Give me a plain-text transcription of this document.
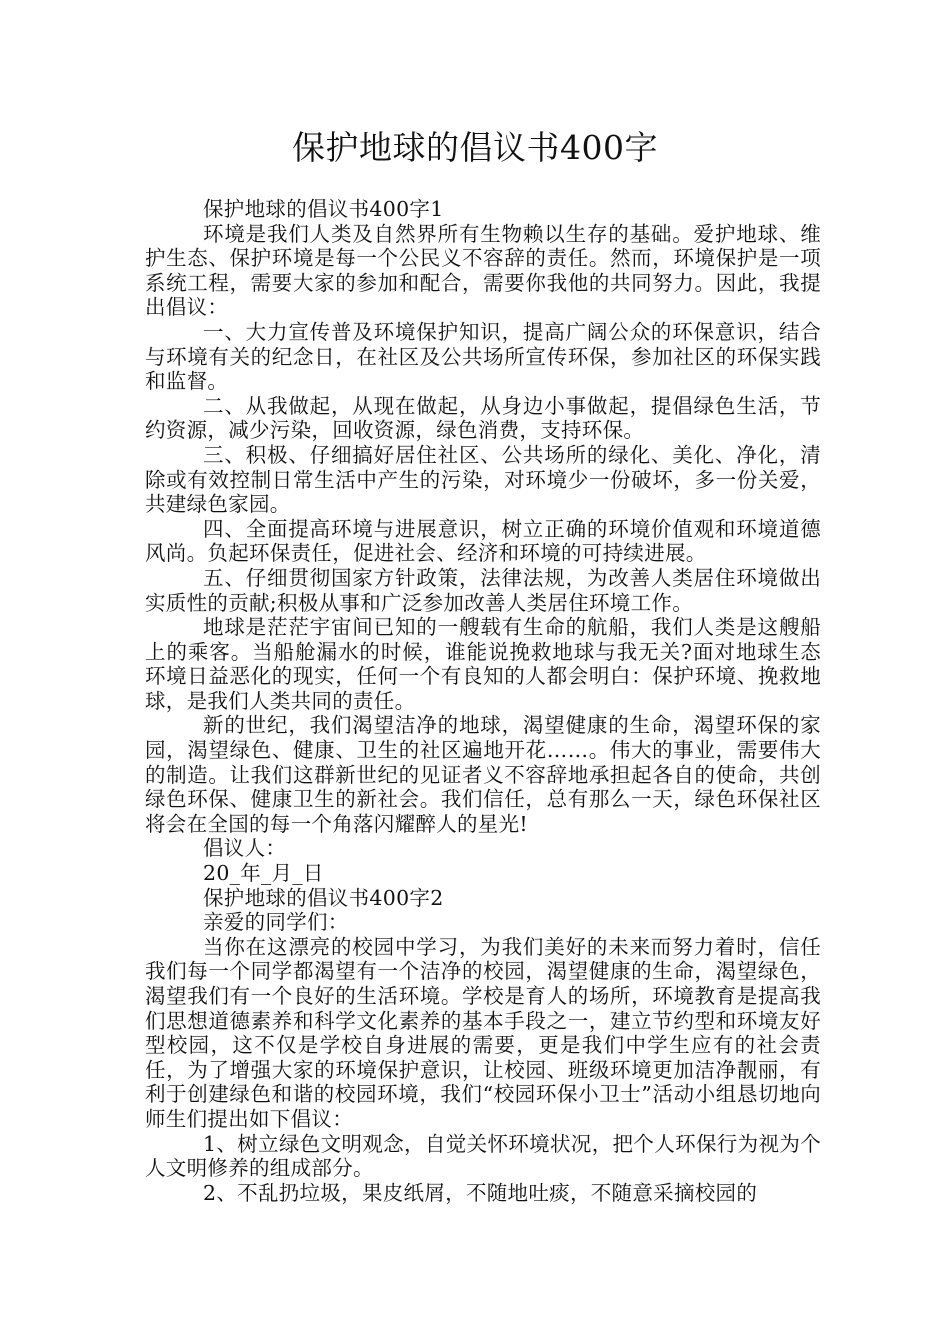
保护地球的倡议书400字

保护地球的倡议书400字1

环境是我们人类及自然界所有生物赖以生存的基础。爱护地球、维护生态、保护环境是每一个公民义不容辞的责任。然而，环境保护是一项系统工程，需要大家的参加和配合，需要你我他的共同努力。因此，我提出倡议：

一、大力宣传普及环境保护知识，提高广阔公众的环保意识，结合与环境有关的纪念日，在社区及公共场所宣传环保，参加社区的环保实践和监督。

二、从我做起，从现在做起，从身边小事做起，提倡绿色生活，节约资源，减少污染，回收资源，绿色消费，支持环保。

三、积极、仔细搞好居住社区、公共场所的绿化、美化、净化，清除或有效控制日常生活中产生的污染，对环境少一份破坏，多一份关爱，共建绿色家园。

四、全面提高环境与进展意识，树立正确的环境价值观和环境道德风尚。负起环保责任，促进社会、经济和环境的可持续进展。

五、仔细贯彻国家方针政策，法律法规，为改善人类居住环境做出实质性的贡献;积极从事和广泛参加改善人类居住环境工作。

地球是茫茫宇宙间已知的一艘载有生命的航船，我们人类是这艘船上的乘客。当船舱漏水的时候，谁能说挽救地球与我无关?面对地球生态环境日益恶化的现实，任何一个有良知的人都会明白：保护环境、挽救地球，是我们人类共同的责任。

新的世纪，我们渴望洁净的地球，渴望健康的生命，渴望环保的家园，渴望绿色、健康、卫生的社区遍地开花……。伟大的事业，需要伟大的制造。让我们这群新世纪的见证者义不容辞地承担起各自的使命，共创绿色环保、健康卫生的新社会。我们信任，总有那么一天，绿色环保社区将会在全国的每一个角落闪耀醉人的星光!

倡议人：

20_年_月_日

保护地球的倡议书400字2

亲爱的同学们：

当你在这漂亮的校园中学习，为我们美好的未来而努力着时，信任我们每一个同学都渴望有一个洁净的校园，渴望健康的生命，渴望绿色，渴望我们有一个良好的生活环境。学校是育人的场所，环境教育是提高我们思想道德素养和科学文化素养的基本手段之一，建立节约型和环境友好型校园，这不仅是学校自身进展的需要，更是我们中学生应有的社会责任，为了增强大家的环境保护意识，让校园、班级环境更加洁净靓丽，有利于创建绿色和谐的校园环境，我们“校园环保小卫士”活动小组恳切地向师生们提出如下倡议：

1、树立绿色文明观念，自觉关怀环境状况，把个人环保行为视为个人文明修养的组成部分。

2、不乱扔垃圾，果皮纸屑，不随地吐痰，不随意采摘校园的
